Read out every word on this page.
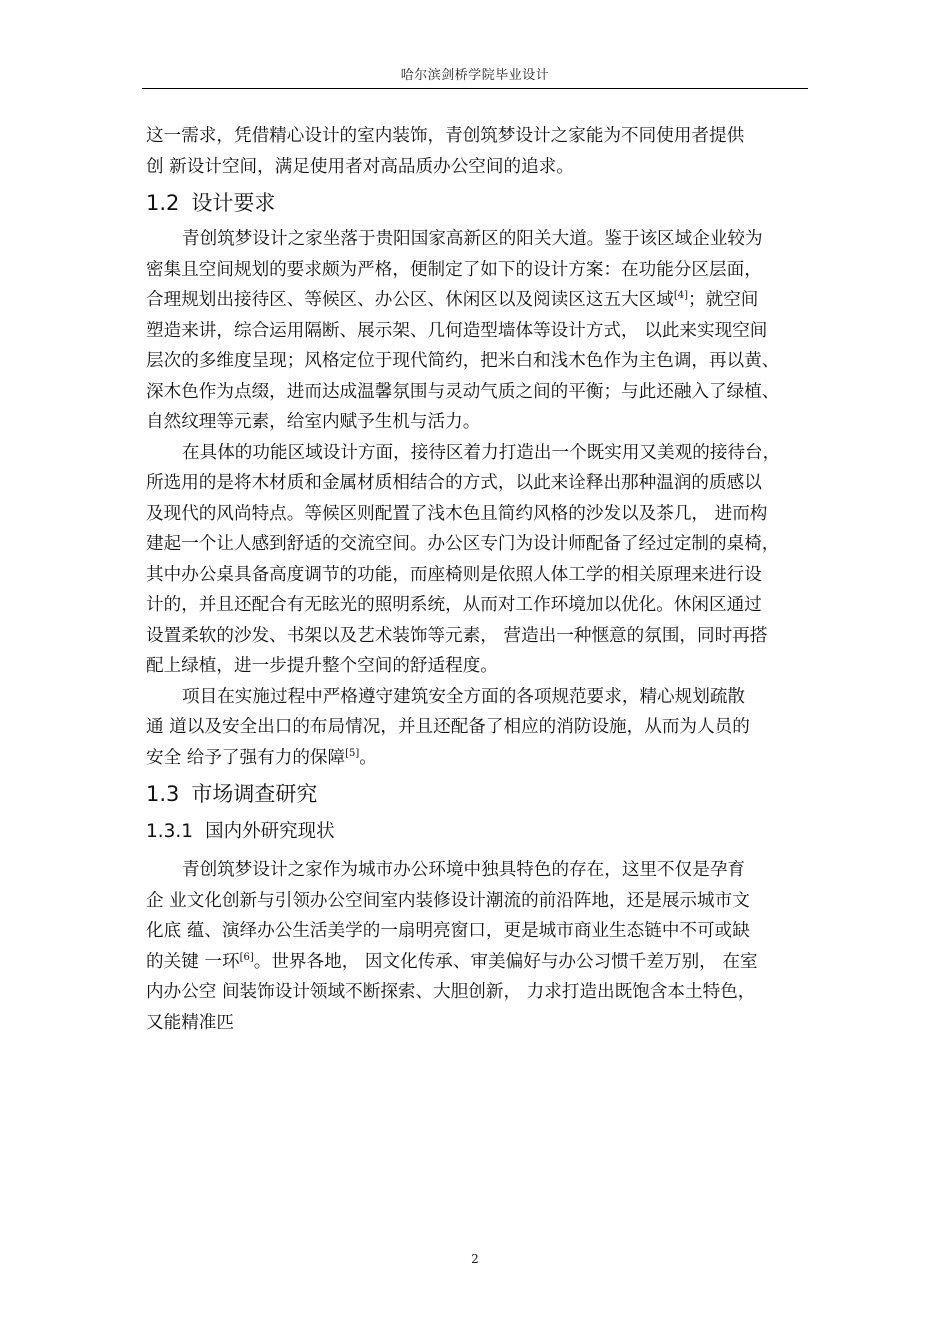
哈尔滨剑桥学院毕业设计

这一需求，凭借精心设计的室内装饰，青创筑梦设计之家能为不同使用者提供
创 新设计空间，满足使用者对高品质办公空间的追求。

1.2 设计要求

青创筑梦设计之家坐落于贵阳国家高新区的阳关大道。鉴于该区域企业较为
密集且空间规划的要求颇为严格，便制定了如下的设计方案：在功能分区层面，
合理规划出接待区、等候区、办公区、休闲区以及阅读区这五大区域[4]；就空间
塑造来讲，综合运用隔断、展示架、几何造型墙体等设计方式， 以此来实现空间
层次的多维度呈现；风格定位于现代简约，把米白和浅木色作为主色调，再以黄、
深木色作为点缀，进而达成温馨氛围与灵动气质之间的平衡；与此还融入了绿植、
自然纹理等元素，给室内赋予生机与活力。

在具体的功能区域设计方面，接待区着力打造出一个既实用又美观的接待台，
所选用的是将木材质和金属材质相结合的方式，以此来诠释出那种温润的质感以
及现代的风尚特点。等候区则配置了浅木色且简约风格的沙发以及茶几， 进而构
建起一个让人感到舒适的交流空间。办公区专门为设计师配备了经过定制的桌椅，
其中办公桌具备高度调节的功能，而座椅则是依照人体工学的相关原理来进行设
计的，并且还配合有无眩光的照明系统，从而对工作环境加以优化。休闲区通过
设置柔软的沙发、书架以及艺术装饰等元素， 营造出一种惬意的氛围，同时再搭
配上绿植，进一步提升整个空间的舒适程度。

项目在实施过程中严格遵守建筑安全方面的各项规范要求，精心规划疏散
通 道以及安全出口的布局情况，并且还配备了相应的消防设施，从而为人员的
安全 给予了强有力的保障[5]。

1.3 市场调查研究
1.3.1 国内外研究现状

青创筑梦设计之家作为城市办公环境中独具特色的存在，这里不仅是孕育
企 业文化创新与引领办公空间室内装修设计潮流的前沿阵地，还是展示城市文
化底 蕴、演绎办公生活美学的一扇明亮窗口，更是城市商业生态链中不可或缺
的关键 一环[6]。世界各地， 因文化传承、审美偏好与办公习惯千差万别， 在室
内办公空 间装饰设计领域不断探索、大胆创新， 力求打造出既饱含本土特色，
又能精准匹

2
